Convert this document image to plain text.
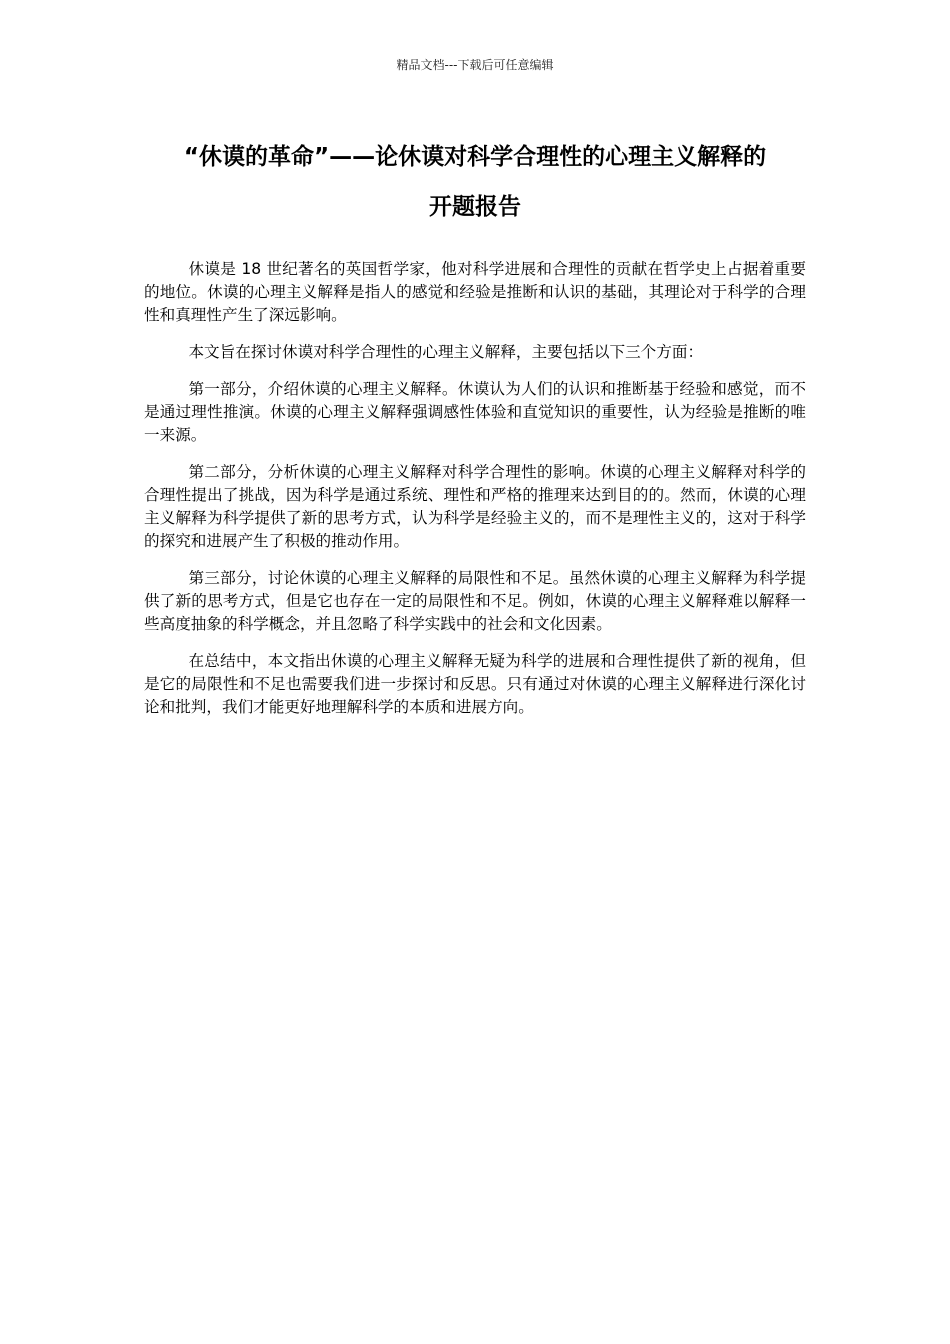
精品文档---下载后可任意编辑
“休谟的革命”——论休谟对科学合理性的心理主义解释的
开题报告

休谟是 18 世纪著名的英国哲学家，他对科学进展和合理性的贡献在哲学史上占据着重要的地位。休谟的心理主义解释是指人的感觉和经验是推断和认识的基础，其理论对于科学的合理性和真理性产生了深远影响。

本文旨在探讨休谟对科学合理性的心理主义解释，主要包括以下三个方面：

第一部分，介绍休谟的心理主义解释。休谟认为人们的认识和推断基于经验和感觉，而不是通过理性推演。休谟的心理主义解释强调感性体验和直觉知识的重要性，认为经验是推断的唯一来源。

第二部分，分析休谟的心理主义解释对科学合理性的影响。休谟的心理主义解释对科学的合理性提出了挑战，因为科学是通过系统、理性和严格的推理来达到目的的。然而，休谟的心理主义解释为科学提供了新的思考方式，认为科学是经验主义的，而不是理性主义的，这对于科学的探究和进展产生了积极的推动作用。

第三部分，讨论休谟的心理主义解释的局限性和不足。虽然休谟的心理主义解释为科学提供了新的思考方式，但是它也存在一定的局限性和不足。例如，休谟的心理主义解释难以解释一些高度抽象的科学概念，并且忽略了科学实践中的社会和文化因素。

在总结中，本文指出休谟的心理主义解释无疑为科学的进展和合理性提供了新的视角，但是它的局限性和不足也需要我们进一步探讨和反思。只有通过对休谟的心理主义解释进行深化讨论和批判，我们才能更好地理解科学的本质和进展方向。
